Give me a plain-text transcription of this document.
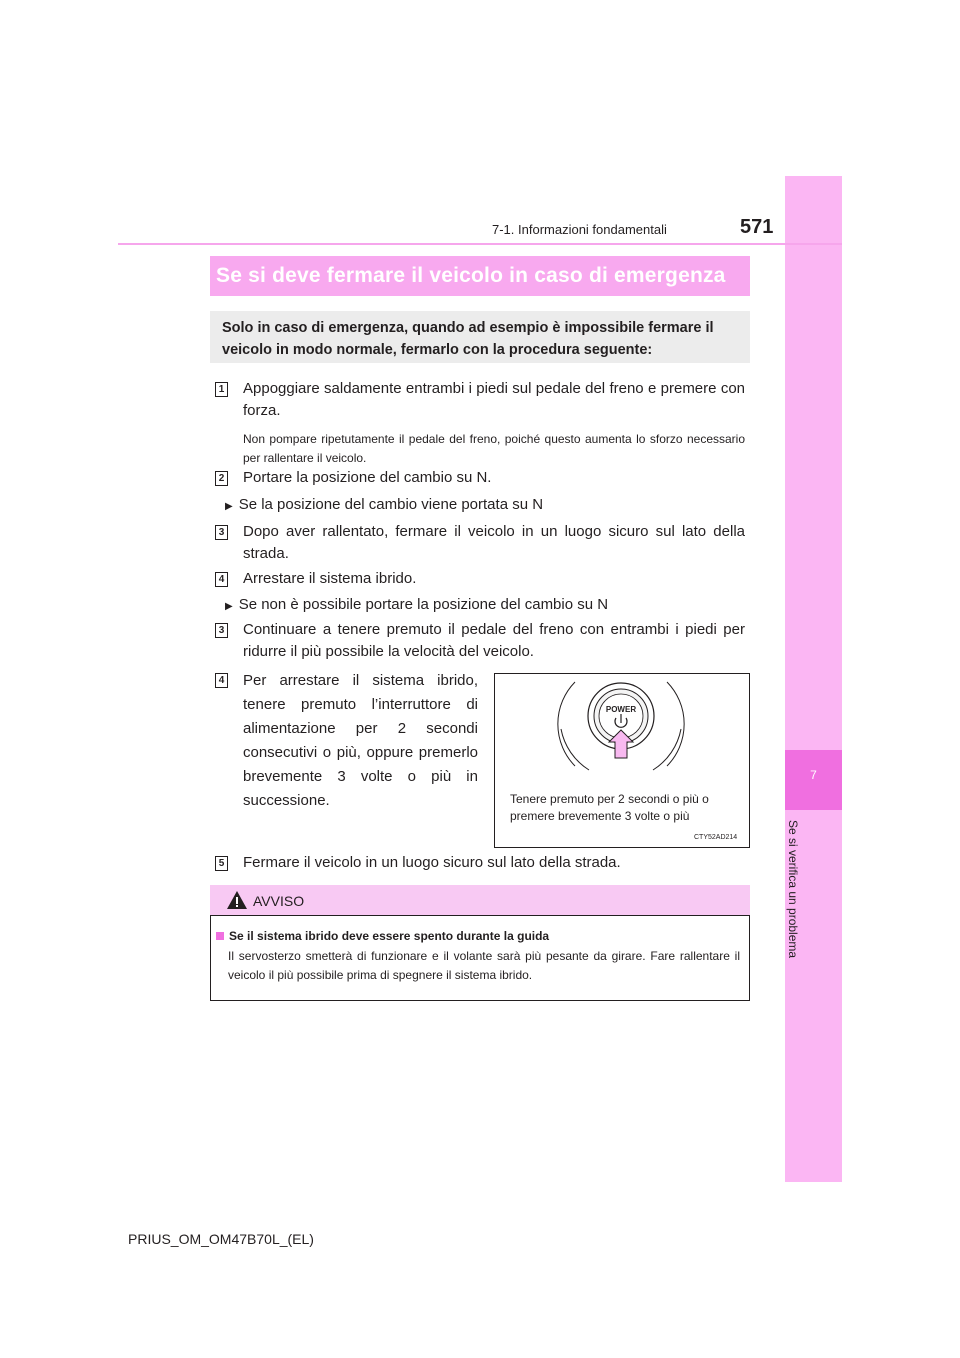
7
Se si verifica un problema
7-1. Informazioni fondamentali	571
Se si deve fermare il veicolo in caso di emergenza
Solo in caso di emergenza, quando ad esempio è impossibile fermare il veicolo in modo normale, fermarlo con la procedura seguente:
1 Appoggiare saldamente entrambi i piedi sul pedale del freno e premere con forza.
Non pompare ripetutamente il pedale del freno, poiché questo aumenta lo sforzo necessario per rallentare il veicolo.
2 Portare la posizione del cambio su N.
▶ Se la posizione del cambio viene portata su N
3 Dopo aver rallentato, fermare il veicolo in un luogo sicuro sul lato della strada.
4 Arrestare il sistema ibrido.
▶ Se non è possibile portare la posizione del cambio su N
3 Continuare a tenere premuto il pedale del freno con entrambi i piedi per ridurre il più possibile la velocità del veicolo.
4 Per arrestare il sistema ibrido, tenere premuto l’interruttore di alimentazione per 2 secondi consecutivi o più, oppure premerlo brevemente 3 volte o più in successione.
POWER
Tenere premuto per 2 secondi o più o premere brevemente 3 volte o più
CTY52AD214
5 Fermare il veicolo in un luogo sicuro sul lato della strada.
AVVISO
Se il sistema ibrido deve essere spento durante la guida
Il servosterzo smetterà di funzionare e il volante sarà più pesante da girare. Fare rallentare il veicolo il più possibile prima di spegnere il sistema ibrido.
PRIUS_OM_OM47B70L_(EL)
